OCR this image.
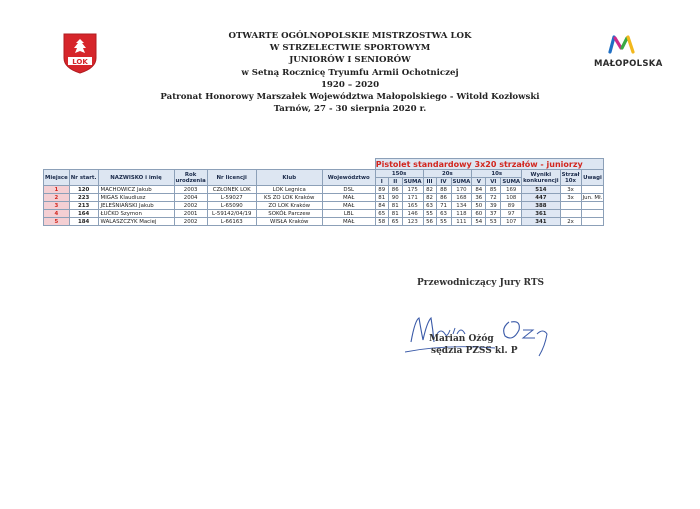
LOK	MAŁOPOLSKA
OTWARTE OGÓLNOPOLSKIE MISTRZOSTWA LOK
W STRZELECTWIE SPORTOWYM
JUNIORÓW I SENIORÓW
w Setną Rocznicę Tryumfu Armii Ochotniczej
1920 – 2020
Patronat Honorowy Marszałek Województwa Małopolskiego - Witold Kozłowski
Tarnów, 27 - 30 sierpnia 2020 r.
							Pistolet standardowy 3x20 strzałów - juniorzy											
Miejsce	Nr start.	NAZWISKO i imię	Rok urodzenia	Nr licencji	Klub	Województwo	150s			20s			10s			Wyniki konkurencji	Strzał 10x	Uwagi
							I	II	SUMA	III	IV	SUMA	V	VI	SUMA			
1	120	MACHOWICZ Jakub	2003	CZŁONEK LOK	LOK Legnica	DSL	89	86	175	82	88	170	84	85	169	514	3x	
2	223	MIGAS Klaudiusz	2004	L-59027	KS ZO LOK Kraków	MAŁ	81	90	171	82	86	168	36	72	108	447	3x	Jun. Mł.
3	213	JELEŚNIAŃSKI Jakub	2002	L-65090	ZO LOK Kraków	MAŁ	84	81	165	63	71	134	50	39	89	388		
4	164	ŁUĆKO Szymon	2001	L-59142/04/19	SOKÓŁ Parczew	LBL	65	81	146	55	63	118	60	37	97	361		
5	184	WALASZCZYK Maciej	2002	L-66163	WISŁA Kraków	MAŁ	58	65	123	56	55	111	54	53	107	341	2x	
Przewodniczący Jury RTS
Marian Ożóg
sędzia PZSS kl. P
